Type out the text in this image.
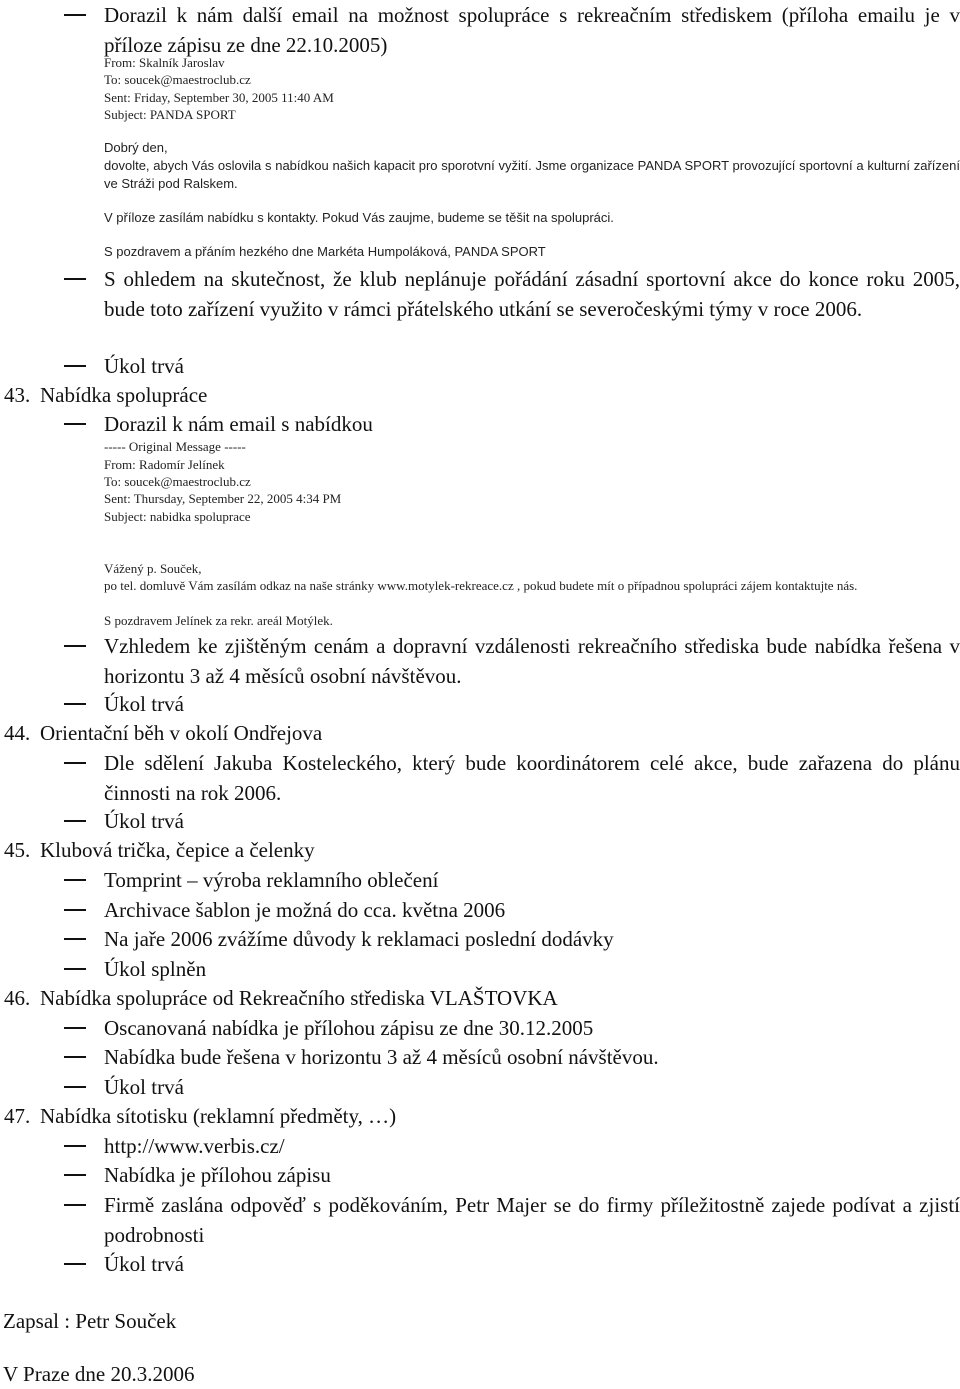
Dorazil k nám další email na možnost spolupráce s rekreačním střediskem (příloha emailu je v příloze zápisu ze dne 22.10.2005)
From: Skalník Jaroslav
To: soucek@maestroclub.cz
Sent: Friday, September 30, 2005 11:40 AM
Subject: PANDA SPORT
Dobrý den,
dovolte, abych Vás oslovila s nabídkou našich kapacit pro sporotvní vyžití. Jsme organizace PANDA SPORT provozující sportovní a kulturní zařízení ve Stráži pod Ralskem.
V příloze zasílám nabídku s kontakty. Pokud Vás zaujme, budeme se těšit na spolupráci.
S pozdravem a přáním hezkého dne Markéta Humpoláková, PANDA SPORT
S ohledem na skutečnost, že klub neplánuje pořádání zásadní sportovní akce do konce roku 2005, bude toto zařízení využito v rámci přátelského utkání se severočeskými týmy v roce 2006.
Úkol trvá
43. Nabídka spolupráce
Dorazil k nám email s nabídkou
----- Original Message -----
From: Radomír Jelínek
To: soucek@maestroclub.cz
Sent: Thursday, September 22, 2005 4:34 PM
Subject: nabidka spoluprace
Vážený p. Souček,
po tel. domluvě Vám zasílám odkaz na naše stránky www.motylek-rekreace.cz , pokud budete mít o případnou spolupráci zájem kontaktujte nás.
S pozdravem Jelínek za rekr. areál Motýlek.
Vzhledem ke zjištěným cenám a dopravní vzdálenosti rekreačního střediska bude nabídka řešena v horizontu 3 až 4 měsíců osobní návštěvou.
Úkol trvá
44. Orientační běh v okolí Ondřejova
Dle sdělení Jakuba Kosteleckého, který bude koordinátorem celé akce, bude zařazena do plánu činnosti na rok 2006.
Úkol trvá
45. Klubová trička, čepice a čelenky
Tomprint – výroba reklamního oblečení
Archivace šablon je možná do cca. května 2006
Na jaře 2006 zvážíme důvody k reklamaci poslední dodávky
Úkol splněn
46. Nabídka spolupráce od Rekreačního střediska VLAŠTOVKA
Oscanovaná nabídka je přílohou zápisu ze dne 30.12.2005
Nabídka bude řešena v horizontu 3 až 4 měsíců osobní návštěvou.
Úkol trvá
47. Nabídka sítotisku (reklamní předměty, …)
http://www.verbis.cz/
Nabídka je přílohou zápisu
Firmě zaslána odpověď s poděkováním, Petr Majer se do firmy příležitostně zajede podívat a zjistí podrobnosti
Úkol trvá
Zapsal : Petr Souček
V Praze dne 20.3.2006
